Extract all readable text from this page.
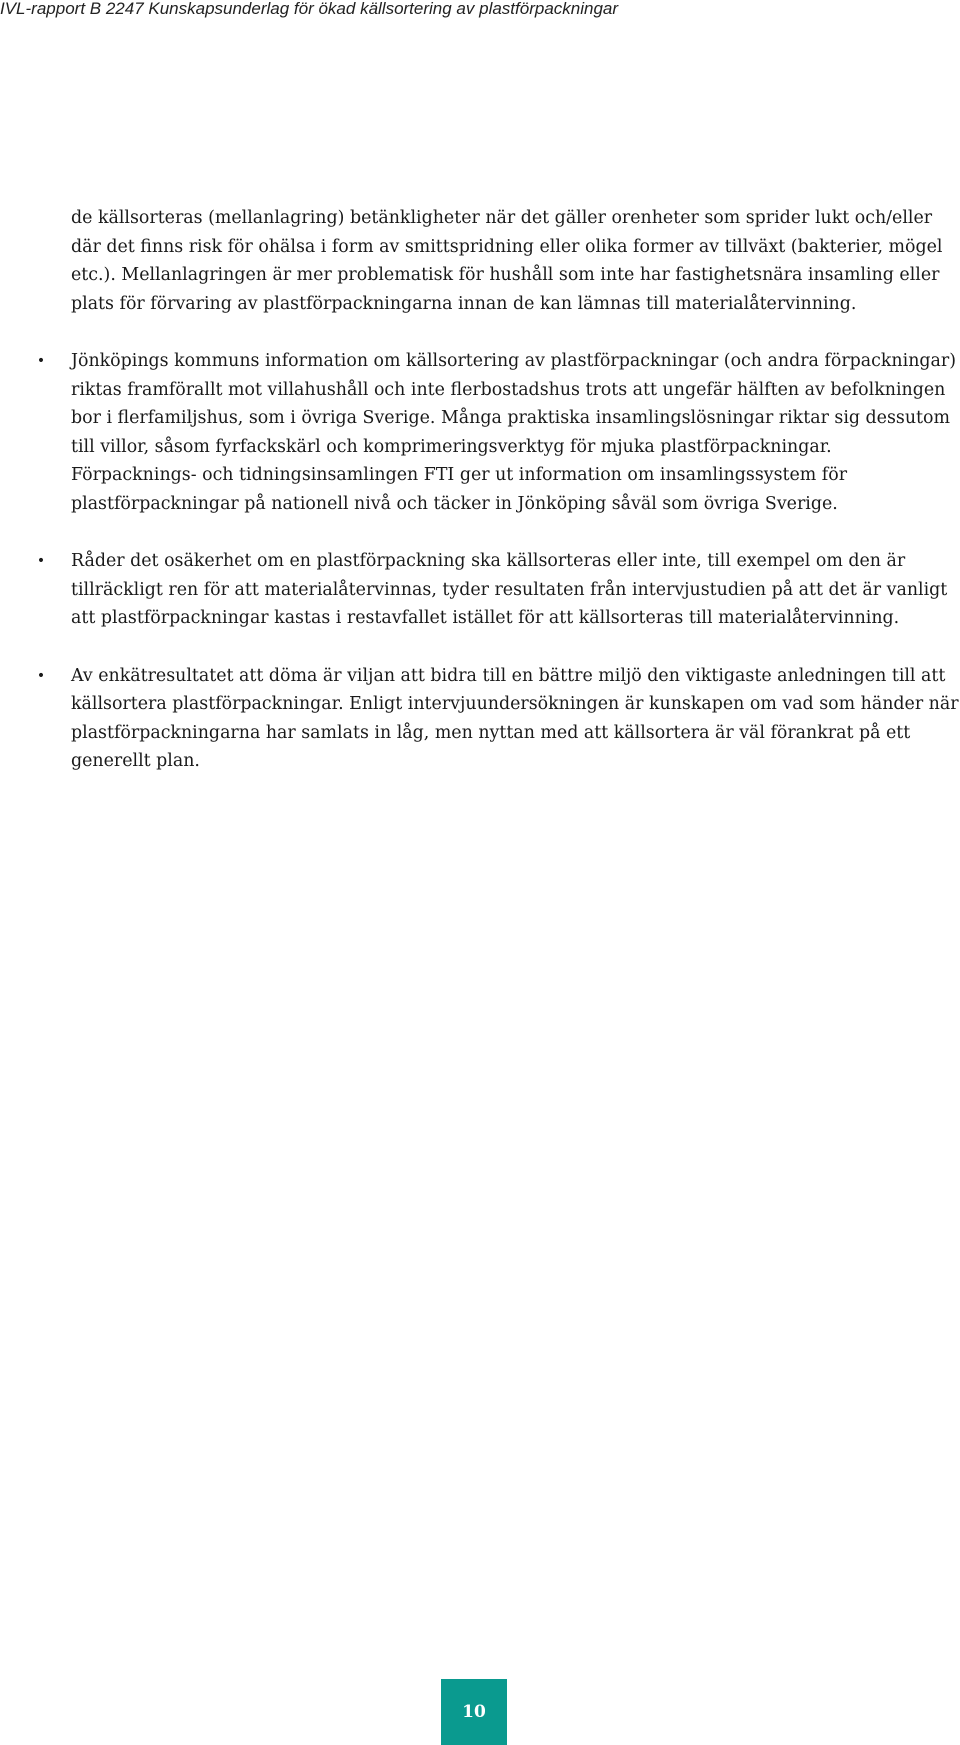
IVL-rapport B 2247 Kunskapsunderlag för ökad källsortering av plastförpackningar

de källsorteras (mellanlagring) betänkligheter när det gäller orenheter som sprider lukt och/eller där det finns risk för ohälsa i form av smittspridning eller olika former av tillväxt (bakterier, mögel etc.). Mellanlagringen är mer problematisk för hushåll som inte har fastighetsnära insamling eller plats för förvaring av plastförpackningarna innan de kan lämnas till materialåtervinning.

•	Jönköpings kommuns information om källsortering av plastförpackningar (och andra förpackningar) riktas framförallt mot villahushåll och inte flerbostadshus trots att ungefär hälften av befolkningen bor i flerfamiljshus, som i övriga Sverige. Många praktiska insamlingslösningar riktar sig dessutom till villor, såsom fyrfackskärl och komprimeringsverktyg för mjuka plastförpackningar. Förpacknings- och tidningsinsamlingen FTI ger ut information om insamlingssystem för plastförpackningar på nationell nivå och täcker in Jönköping såväl som övriga Sverige.
•	Råder det osäkerhet om en plastförpackning ska källsorteras eller inte, till exempel om den är tillräckligt ren för att materialåtervinnas, tyder resultaten från intervjustudien på att det är vanligt att plastförpackningar kastas i restavfallet istället för att källsorteras till materialåtervinning.
•	Av enkätresultatet att döma är viljan att bidra till en bättre miljö den viktigaste anledningen till att källsortera plastförpackningar. Enligt intervjuundersökningen är kunskapen om vad som händer när plastförpackningarna har samlats in låg, men nyttan med att källsortera är väl förankrat på ett generellt plan.
10
